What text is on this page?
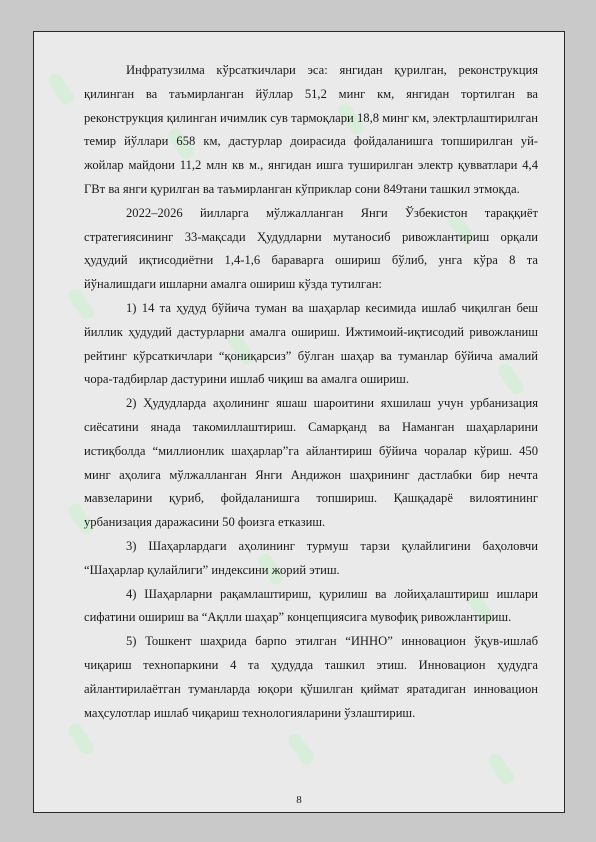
Инфратузилма кўрсаткичлари эса: янгидан қурилган, реконструкция қилинган ва таъмирланган йўллар 51,2 минг км, янгидан тортилган ва реконструкция қилинган ичимлик сув тармоқлари 18,8 минг км, электрлаштирилган темир йўллари 658 км, дастурлар доирасида фойдаланишга топширилган уй-жойлар майдони 11,2 млн кв м., янгидан ишга туширилган электр қувватлари 4,4 ГВт ва янги қурилган ва таъмирланган кўприклар сони 849тани ташкил этмоқда.

2022–2026 йилларга мўлжалланган Янги Ўзбекистон тараққиёт стратегиясининг 33-мақсади Ҳудудларни мутаносиб ривожлантириш орқали ҳудудий иқтисодиётни 1,4-1,6 бараварга ошириш бўлиб, унга кўра 8 та йўналишдаги ишларни амалга ошириш кўзда тутилган:

1) 14 та ҳудуд бўйича туман ва шаҳарлар кесимида ишлаб чиқилган беш йиллик ҳудудий дастурларни амалга ошириш. Ижтимоий-иқтисодий ривожланиш рейтинг кўрсаткичлари “қониқарсиз” бўлган шаҳар ва туманлар бўйича амалий чора-тадбирлар дастурини ишлаб чиқиш ва амалга ошириш.

2) Ҳудудларда аҳолининг яшаш шароитини яхшилаш учун урбанизация сиёсатини янада такомиллаштириш. Самарқанд ва Наманган шаҳарларини истиқболда “миллионлик шаҳарлар”га айлантириш бўйича чоралар кўриш. 450 минг аҳолига мўлжалланган Янги Андижон шаҳрининг дастлабки бир нечта мавзеларини қуриб, фойдаланишга топшириш. Қашқадарё вилоятининг урбанизация даражасини 50 фоизга етказиш.

3) Шаҳарлардаги аҳолининг турмуш тарзи қулайлигини баҳоловчи “Шаҳарлар қулайлиги” индексини жорий этиш.

4) Шаҳарларни рақамлаштириш, қурилиш ва лойиҳалаштириш ишлари сифатини ошириш ва “Ақлли шаҳар” концепциясига мувофиқ ривожлантириш.

5) Тошкент шаҳрида барпо этилган “ИННО” инновацион ўқув-ишлаб чиқариш технопаркини 4 та ҳудудда ташкил этиш. Инновацион ҳудудга айлантирилаётган туманларда юқори қўшилган қиймат яратадиган инновацион маҳсулотлар ишлаб чиқариш технологияларини ўзлаштириш.

8
